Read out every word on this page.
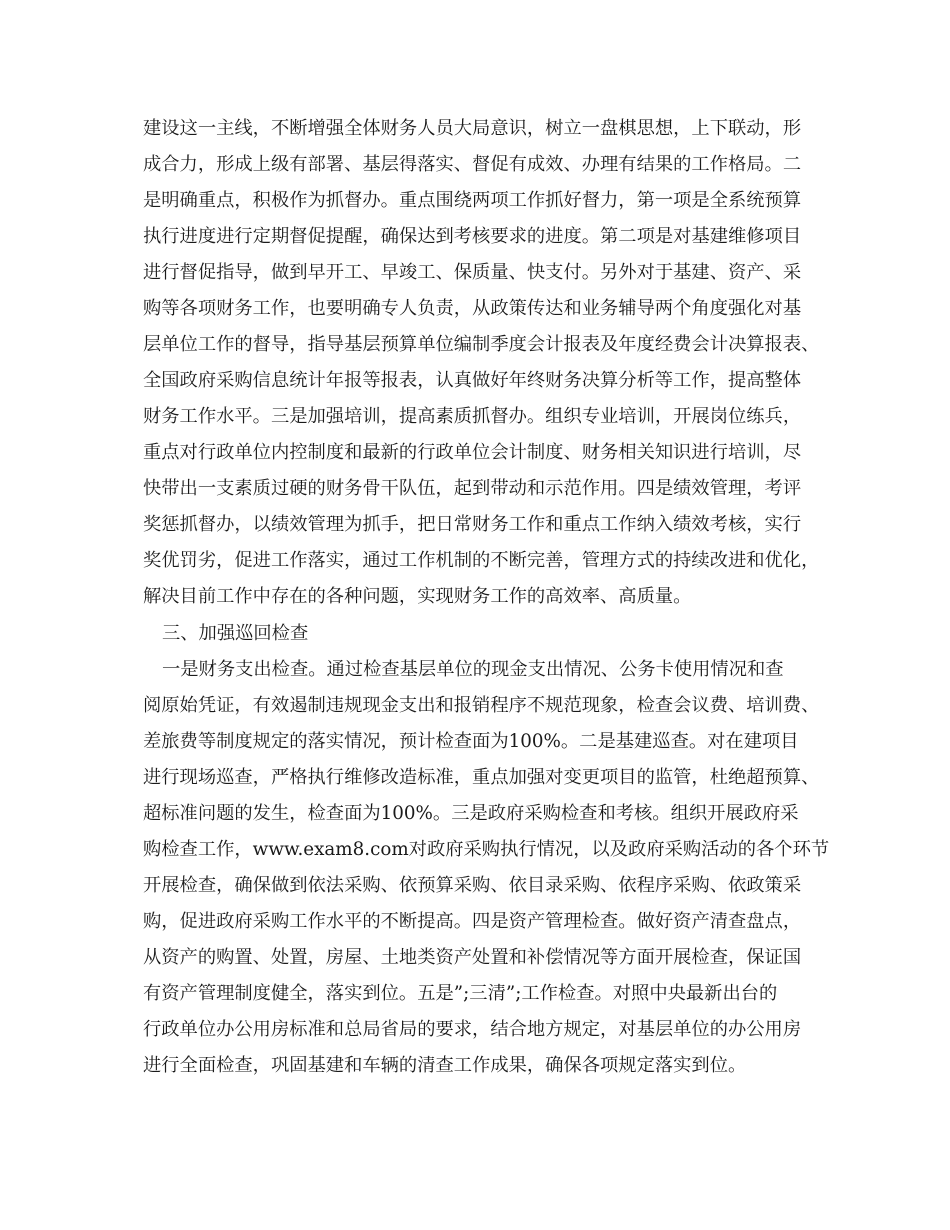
建设这一主线，不断增强全体财务人员大局意识，树立一盘棋思想，上下联动，形
成合力，形成上级有部署、基层得落实、督促有成效、办理有结果的工作格局。二
是明确重点，积极作为抓督办。重点围绕两项工作抓好督力，第一项是全系统预算
执行进度进行定期督促提醒，确保达到考核要求的进度。第二项是对基建维修项目
进行督促指导，做到早开工、早竣工、保质量、快支付。另外对于基建、资产、采
购等各项财务工作，也要明确专人负责，从政策传达和业务辅导两个角度强化对基
层单位工作的督导，指导基层预算单位编制季度会计报表及年度经费会计决算报表、
全国政府采购信息统计年报等报表，认真做好年终财务决算分析等工作，提高整体
财务工作水平。三是加强培训，提高素质抓督办。组织专业培训，开展岗位练兵，
重点对行政单位内控制度和最新的行政单位会计制度、财务相关知识进行培训，尽
快带出一支素质过硬的财务骨干队伍，起到带动和示范作用。四是绩效管理，考评
奖惩抓督办，以绩效管理为抓手，把日常财务工作和重点工作纳入绩效考核，实行
奖优罚劣，促进工作落实，通过工作机制的不断完善，管理方式的持续改进和优化，
解决目前工作中存在的各种问题，实现财务工作的高效率、高质量。
三、加强巡回检查
一是财务支出检查。通过检查基层单位的现金支出情况、公务卡使用情况和查
阅原始凭证，有效遏制违规现金支出和报销程序不规范现象，检查会议费、培训费、
差旅费等制度规定的落实情况，预计检查面为100%。二是基建巡查。对在建项目
进行现场巡查，严格执行维修改造标准，重点加强对变更项目的监管，杜绝超预算、
超标准问题的发生，检查面为100%。三是政府采购检查和考核。组织开展政府采
购检查工作，www.exam8.com对政府采购执行情况，以及政府采购活动的各个环节
开展检查，确保做到依法采购、依预算采购、依目录采购、依程序采购、依政策采
购，促进政府采购工作水平的不断提高。四是资产管理检查。做好资产清查盘点，
从资产的购置、处置，房屋、土地类资产处置和补偿情况等方面开展检查，保证国
有资产管理制度健全，落实到位。五是”;三清”;工作检查。对照中央最新出台的
行政单位办公用房标准和总局省局的要求，结合地方规定，对基层单位的办公用房
进行全面检查，巩固基建和车辆的清查工作成果，确保各项规定落实到位。
